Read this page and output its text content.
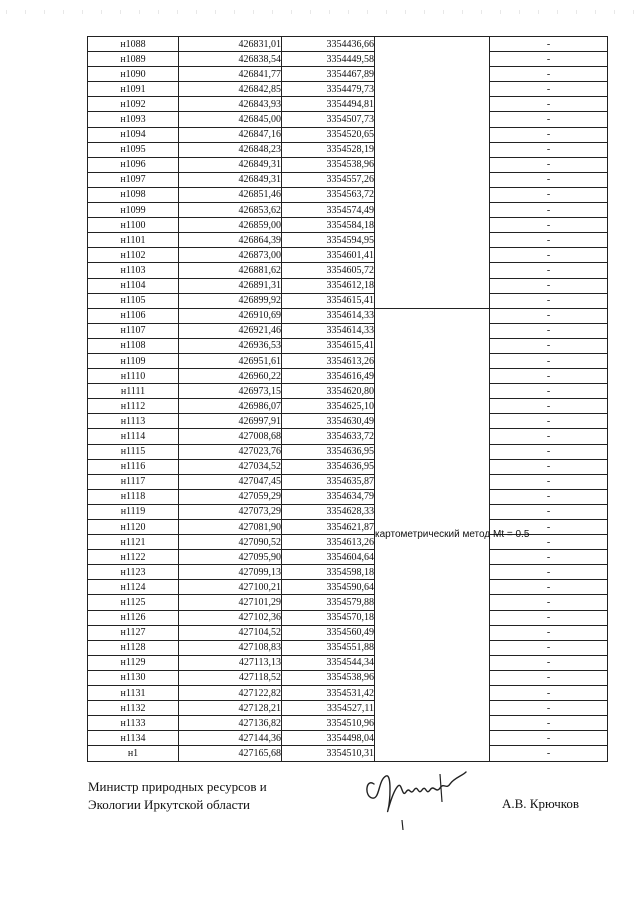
н1088	426831,01	3354436,66		-
н1089	426838,54	3354449,58		-
н1090	426841,77	3354467,89		-
н1091	426842,85	3354479,73		-
н1092	426843,93	3354494,81		-
н1093	426845,00	3354507,73		-
н1094	426847,16	3354520,65		-
н1095	426848,23	3354528,19		-
н1096	426849,31	3354538,96		-
н1097	426849,31	3354557,26		-
н1098	426851,46	3354563,72		-
н1099	426853,62	3354574,49		-
н1100	426859,00	3354584,18		-
н1101	426864,39	3354594,95		-
н1102	426873,00	3354601,41		-
н1103	426881,62	3354605,72		-
н1104	426891,31	3354612,18		-
н1105	426899,92	3354615,41		-
н1106	426910,69	3354614,33	картометрический метод Mt = 0.5	-
н1107	426921,46	3354614,33		-
н1108	426936,53	3354615,41		-
н1109	426951,61	3354613,26		-
н1110	426960,22	3354616,49		-
н1111	426973,15	3354620,80		-
н1112	426986,07	3354625,10		-
н1113	426997,91	3354630,49		-
н1114	427008,68	3354633,72		-
н1115	427023,76	3354636,95		-
н1116	427034,52	3354636,95		-
н1117	427047,45	3354635,87		-
н1118	427059,29	3354634,79		-
н1119	427073,29	3354628,33		-
н1120	427081,90	3354621,87		-
н1121	427090,52	3354613,26		-
н1122	427095,90	3354604,64		-
н1123	427099,13	3354598,18		-
н1124	427100,21	3354590,64		-
н1125	427101,29	3354579,88		-
н1126	427102,36	3354570,18		-
н1127	427104,52	3354560,49		-
н1128	427108,83	3354551,88		-
н1129	427113,13	3354544,34		-
н1130	427118,52	3354538,96		-
н1131	427122,82	3354531,42		-
н1132	427128,21	3354527,11		-
н1133	427136,82	3354510,96		-
н1134	427144,36	3354498,04		-
н1	427165,68	3354510,31		-
Министр природных ресурсов и
Экологии Иркутской области	А.В. Крючков
